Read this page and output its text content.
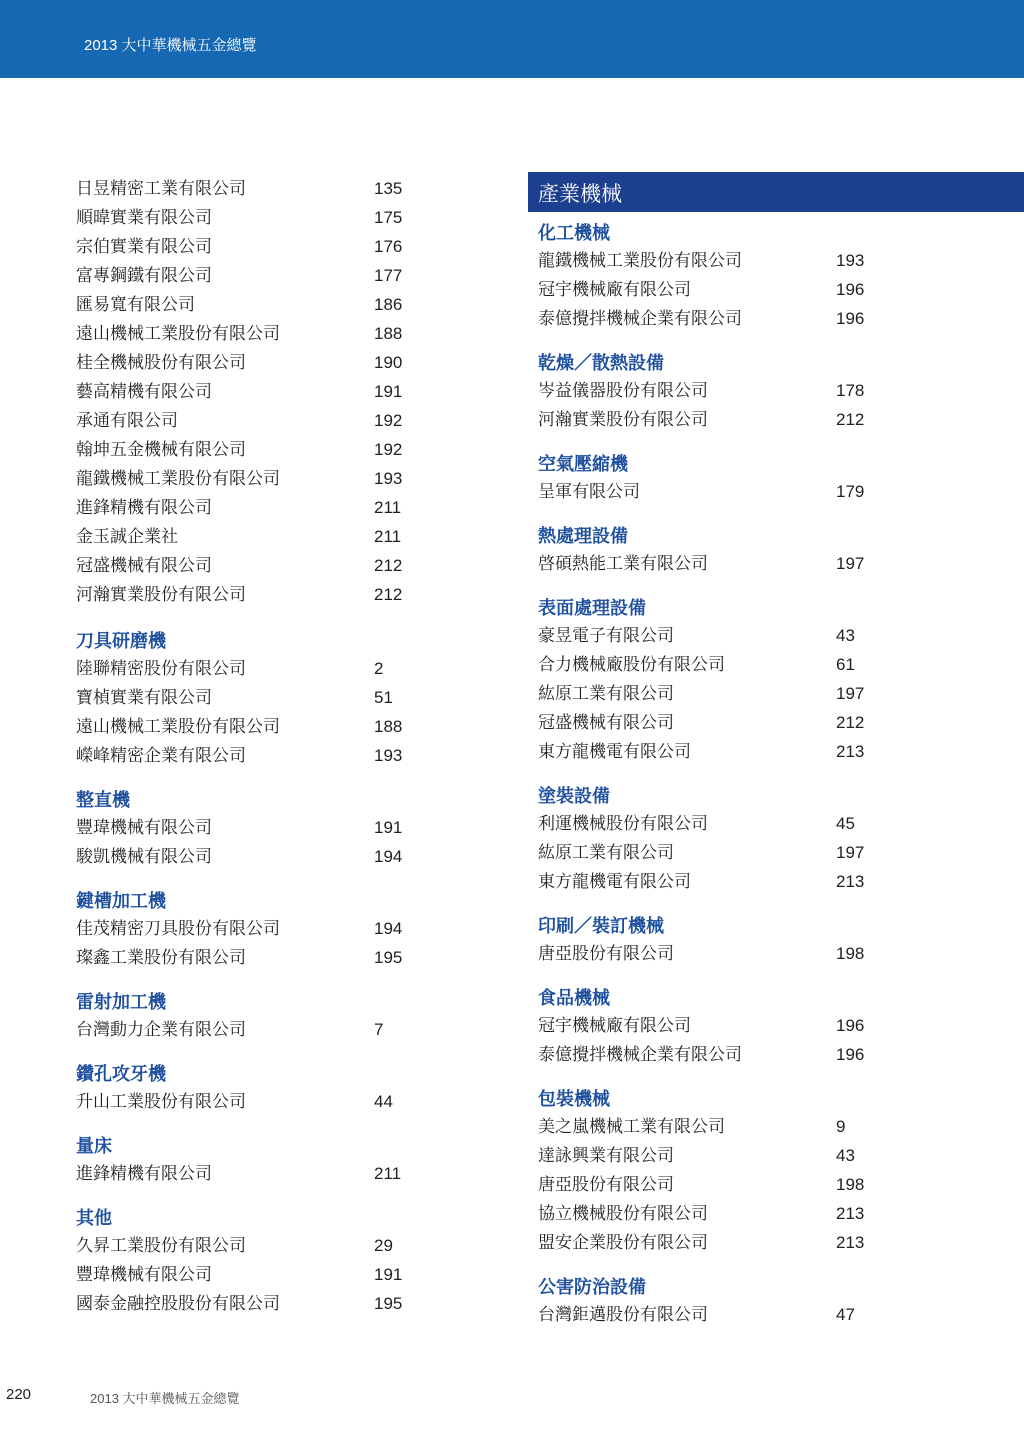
2013 大中華機械五金總覽
日昱精密工業有限公司	135
順暐實業有限公司	175
宗伯實業有限公司	176
富專鋼鐵有限公司	177
匯易寬有限公司	186
遠山機械工業股份有限公司	188
桂全機械股份有限公司	190
藝高精機有限公司	191
承通有限公司	192
翰坤五金機械有限公司	192
龍鐵機械工業股份有限公司	193
進鋒精機有限公司	211
金玉誠企業社	211
冠盛機械有限公司	212
河瀚實業股份有限公司	212
刀具研磨機
陸聯精密股份有限公司	2
寶楨實業有限公司	51
遠山機械工業股份有限公司	188
嶸峰精密企業有限公司	193
整直機
豐瑋機械有限公司	191
駿凱機械有限公司	194
鍵槽加工機
佳茂精密刀具股份有限公司	194
璨鑫工業股份有限公司	195
雷射加工機
台灣動力企業有限公司	7
鑽孔攻牙機
升山工業股份有限公司	44
量床
進鋒精機有限公司	211
其他
久昇工業股份有限公司	29
豐瑋機械有限公司	191
國泰金融控股股份有限公司	195
產業機械
化工機械
龍鐵機械工業股份有限公司	193
冠宇機械廠有限公司	196
泰億攪拌機械企業有限公司	196
乾燥／散熱設備
岑益儀器股份有限公司	178
河瀚實業股份有限公司	212
空氣壓縮機
呈軍有限公司	179
熱處理設備
啓碩熱能工業有限公司	197
表面處理設備
豪昱電子有限公司	43
合力機械廠股份有限公司	61
紘原工業有限公司	197
冠盛機械有限公司	212
東方龍機電有限公司	213
塗裝設備
利運機械股份有限公司	45
紘原工業有限公司	197
東方龍機電有限公司	213
印刷／裝訂機械
唐亞股份有限公司	198
食品機械
冠宇機械廠有限公司	196
泰億攪拌機械企業有限公司	196
包裝機械
美之嵐機械工業有限公司	9
達詠興業有限公司	43
唐亞股份有限公司	198
協立機械股份有限公司	213
盟安企業股份有限公司	213
公害防治設備
台灣鉅邁股份有限公司	47
220	2013 大中華機械五金總覽
